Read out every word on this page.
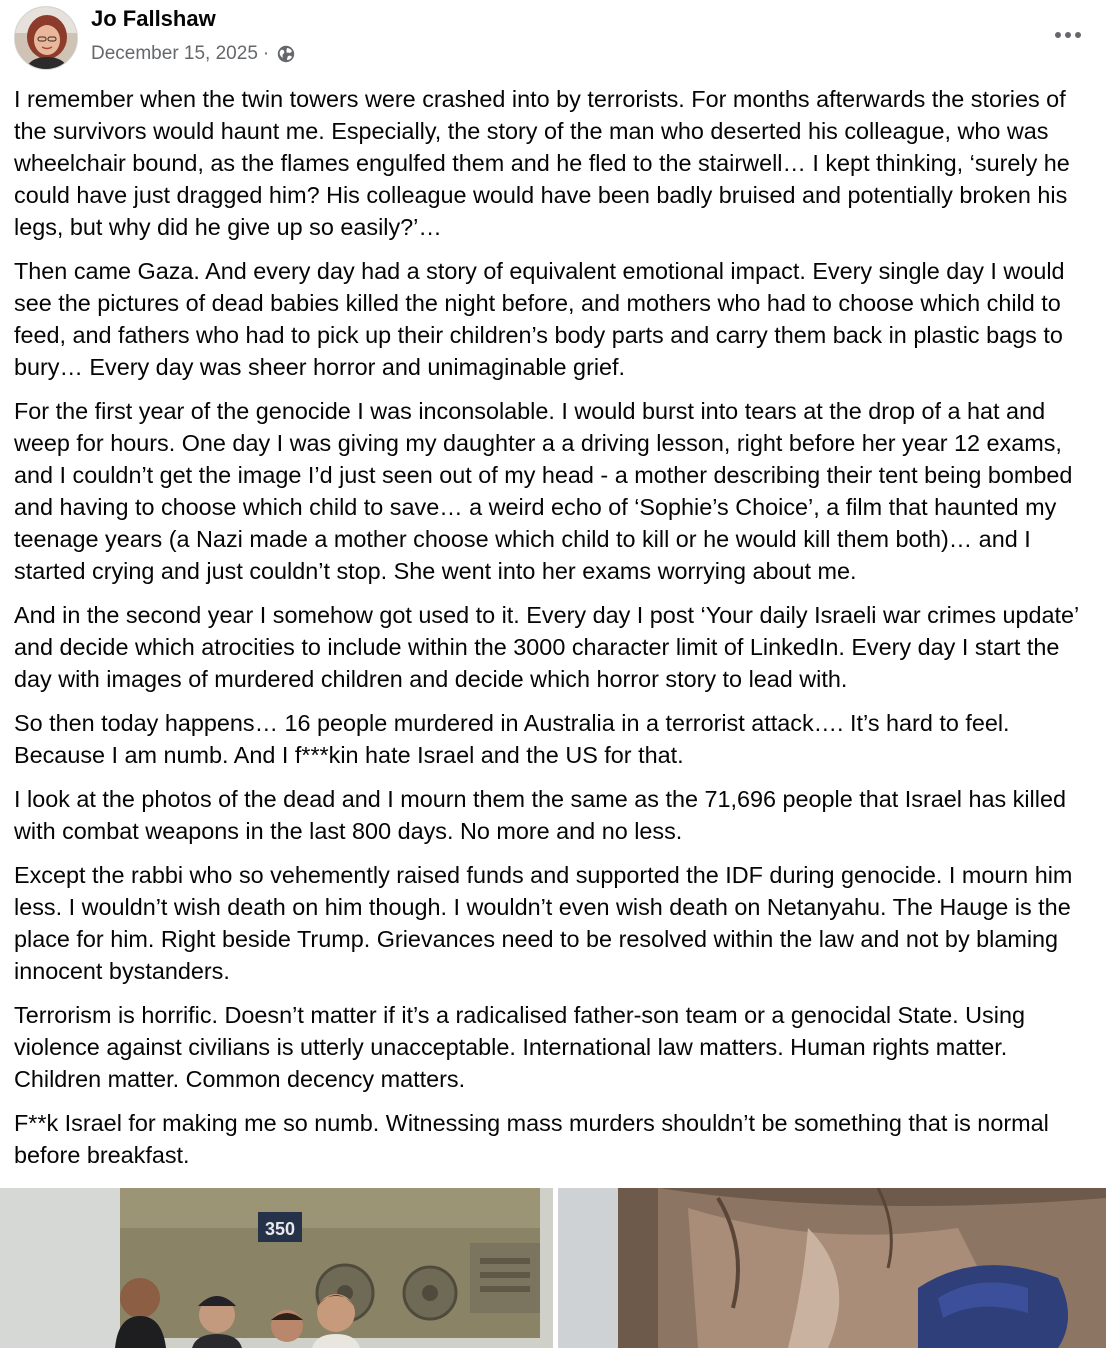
Jo Fallshaw
December 15, 2025 ·

I remember when the twin towers were crashed into by terrorists. For months afterwards the stories of the survivors would haunt me. Especially, the story of the man who deserted his colleague, who was wheelchair bound, as the flames engulfed them and he fled to the stairwell… I kept thinking, ‘surely he could have just dragged him? His colleague would have been badly bruised and potentially broken his legs, but why did he give up so easily?’…

Then came Gaza. And every day had a story of equivalent emotional impact. Every single day I would see the pictures of dead babies killed the night before, and mothers who had to choose which child to feed, and fathers who had to pick up their children’s body parts and carry them back in plastic bags to bury… Every day was sheer horror and unimaginable grief.

For the first year of the genocide I was inconsolable. I would burst into tears at the drop of a hat and weep for hours. One day I was giving my daughter a a driving lesson, right before her year 12 exams, and I couldn’t get the image I’d just seen out of my head - a mother describing their tent being bombed and having to choose which child to save… a weird echo of ‘Sophie’s Choice’, a film that haunted my teenage years (a Nazi made a mother choose which child to kill or he would kill them both)… and I started crying and just couldn’t stop. She went into her exams worrying about me.

And in the second year I somehow got used to it. Every day I post ‘Your daily Israeli war crimes update’ and decide which atrocities to include within the 3000 character limit of LinkedIn. Every day I start the day with images of murdered children and decide which horror story to lead with.

So then today happens… 16 people murdered in Australia in a terrorist attack…. It’s hard to feel. Because I am numb. And I f***kin hate Israel and the US for that.

I look at the photos of the dead and I mourn them the same as the 71,696 people that Israel has killed with combat weapons in the last 800 days. No more and no less.

Except the rabbi who so vehemently raised funds and supported the IDF during genocide. I mourn him less. I wouldn’t wish death on him though. I wouldn’t even wish death on Netanyahu. The Hauge is the place for him. Right beside Trump. Grievances need to be resolved within the law and not by blaming innocent bystanders.

Terrorism is horrific. Doesn’t matter if it’s a radicalised father-son team or a genocidal State. Using violence against civilians is utterly unacceptable. International law matters. Human rights matter. Children matter. Common decency matters.

F**k Israel for making me so numb. Witnessing mass murders shouldn’t be something that is normal before breakfast.

350
